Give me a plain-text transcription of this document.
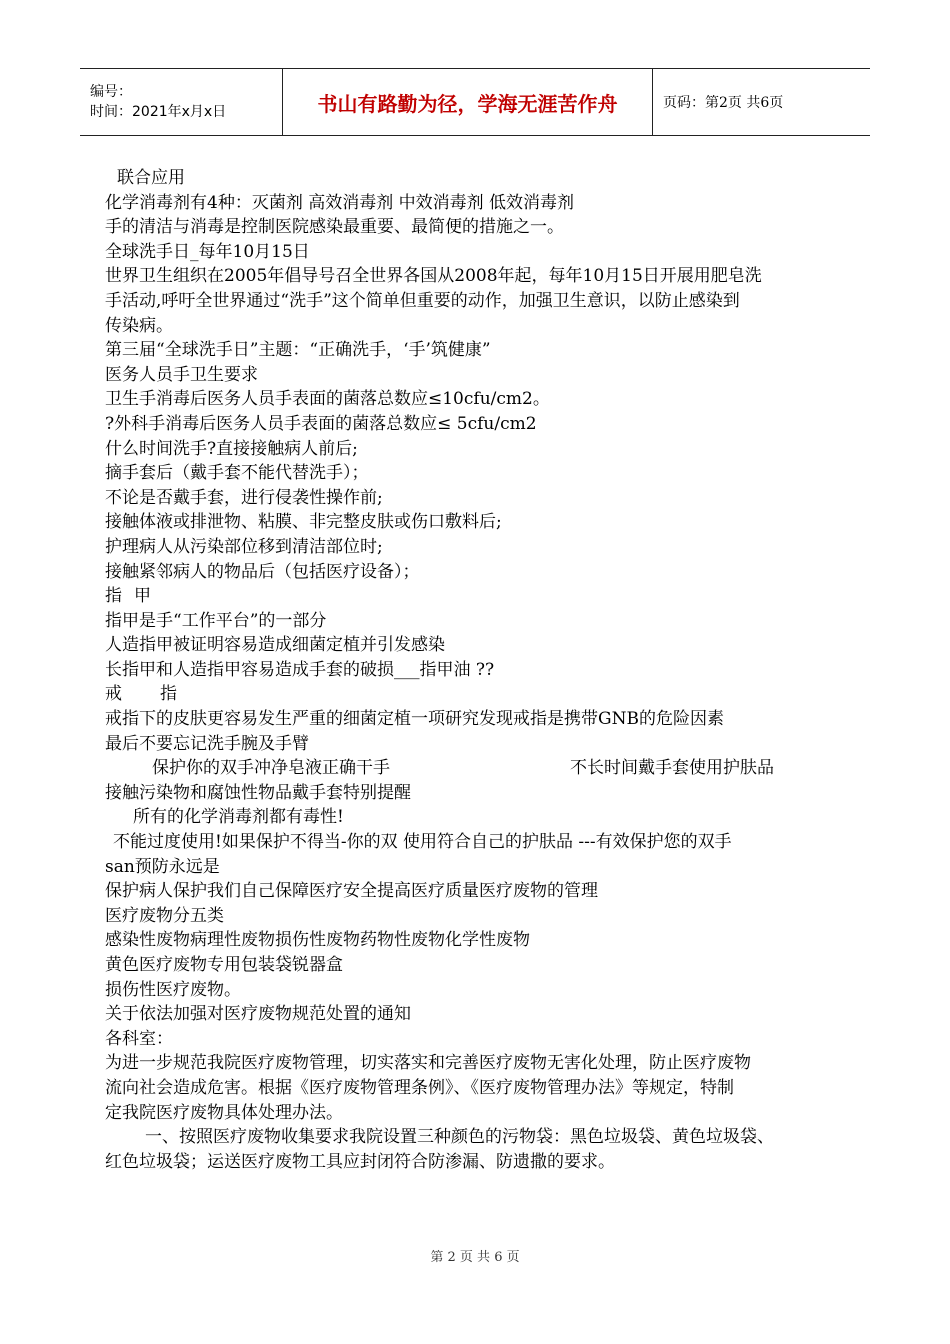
编号：
时间：2021年x月x日	书山有路勤为径，学海无涯苦作舟	页码：第2页 共6页
联合应用
化学消毒剂有4种：灭菌剂 高效消毒剂 中效消毒剂 低效消毒剂
手的清洁与消毒是控制医院感染最重要、最简便的措施之一。
全球洗手日_每年10月15日
世界卫生组织在2005年倡导号召全世界各国从2008年起，每年10月15日开展用肥皂洗
手活动,呼吁全世界通过“洗手”这个简单但重要的动作，加强卫生意识，以防止感染到
传染病。
第三届“全球洗手日”主题：“正确洗手，‘手’筑健康”
医务人员手卫生要求
卫生手消毒后医务人员手表面的菌落总数应≤10cfu/cm2。
?外科手消毒后医务人员手表面的菌落总数应≤ 5cfu/cm2
什么时间洗手?直接接触病人前后;
摘手套后（戴手套不能代替洗手）；
不论是否戴手套，进行侵袭性操作前;
接触体液或排泄物、粘膜、非完整皮肤或伤口敷料后;
护理病人从污染部位移到清洁部位时;
接触紧邻病人的物品后（包括医疗设备）；
指甲
指甲是手“工作平台”的一部分
人造指甲被证明容易造成细菌定植并引发感染
长指甲和人造指甲容易造成手套的破损___指甲油 ??
戒指
戒指下的皮肤更容易发生严重的细菌定植一项研究发现戒指是携带GNB的危险因素
最后不要忘记洗手腕及手臂
保护你的双手冲净皂液正确干手	不长时间戴手套使用护肤品
接触污染物和腐蚀性物品戴手套特别提醒
所有的化学消毒剂都有毒性!
不能过度使用!如果保护不得当-你的双 使用符合自己的护肤品 ---有效保护您的双手
san预防永远是
保护病人保护我们自己保障医疗安全提高医疗质量医疗废物的管理
医疗废物分五类
感染性废物病理性废物损伤性废物药物性废物化学性废物
黄色医疗废物专用包装袋锐器盒
损伤性医疗废物。
关于依法加强对医疗废物规范处置的通知
各科室：
为进一步规范我院医疗废物管理，切实落实和完善医疗废物无害化处理，防止医疗废物
流向社会造成危害。根据《医疗废物管理条例》、《医疗废物管理办法》等规定，特制
定我院医疗废物具体处理办法。
一、按照医疗废物收集要求我院设置三种颜色的污物袋：黑色垃圾袋、黄色垃圾袋、
红色垃圾袋；运送医疗废物工具应封闭符合防渗漏、防遗撒的要求。
第 2 页 共 6 页
